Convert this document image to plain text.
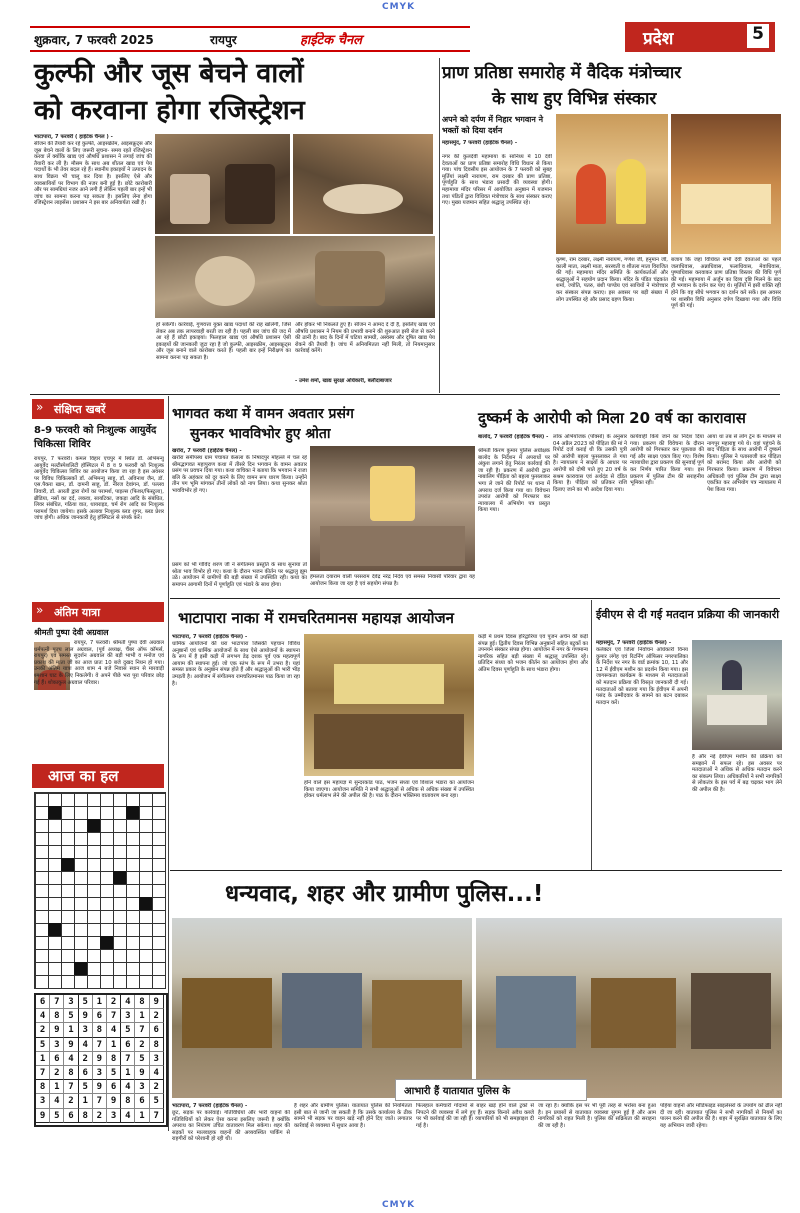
CMYK
शुक्रवार, 7 फरवरी 2025	रायपुर	हाईटेक चैनल	प्रदेश	5
कुल्फी और जूस बेचने वालों
को करवाना होगा रजिस्ट्रेशन
भाटापारा, 7 फरवरी ( हाईटेक चैनल ) -
सीजन की तैयारी कर रहे कुल्फी, आइसक्रीम, आइसफ्रूट्स और जूस बेचने वालों के लिए जरूरी सूचना- समय रहते रजिस्ट्रेशन करवा लें क्योंकि खाद्य एवं औषधि प्रशासन ने लगाई जांच की तैयारी कर ली है। मौसम के साथ अब शीतल खाद्य एवं पेय पदार्थों के भी तेवर बदल रहे हैं। स्थानीय इकाइयों ने उत्पादन के साथ विक्रय भी चालू कर दिया है। इसलिए ऐसे और व्यवसायियों पर विभाग की नजर बनी हुई है। छोटे कारोबारी और पर सामग्रियां नजर आने लगी हैं लेकिन पहली बार इन्हें भी जांच का सामना करना पड़ सकता है। इसलिए लेना होगा रजिस्ट्रेशन लाइसेंस। प्रशासन ने इस बार अनिवार्यता रखी है।
हो सकेगी। कार्रवाई, गुणवत्ता युक्त खाद्य पदार्थों की राह खोलेगी, जिसे लेकर अब तक लापरवाही बरती जा रही है। पहली बार जांच की जद में आ रहे हैं छोटी इकाइयां। फिलहाल खाद्य एवं औषधि प्रशासन ऐसी इकाइयों की जानकारी जुटा रहा है जो कुल्फी, आइसक्रीम, आइसफ्रूट्स और जूस बनाने वाले कारोबार करते हैं। पहली बार इन्हें निरीक्षण का सामना करना पड़ सकता है।
और हॉकर भी निकलते हुए हैं। सीजन ने आमद दे दी है, इसलिए खाद्य एवं औषधि प्रशासन ने नियम की प्रभावी बनाने की शुरुआत इसी सेज से करने की ठानी है। बाद के दिनों में घटिया सामग्री, अस्वस्थ और दूषित खाद्य पेय रोकने की तैयारी है। जांच में अनियमितता नहीं मिली, तो नियमानुसार कार्रवाई करेंगे।
- उमेश शर्मा, खाद्य सुरक्षा अधिकारी, बलौदाबाजार
प्राण प्रतिष्ठा समारोह में वैदिक मंत्रोच्चार
के साथ हुए विभिन्न संस्कार
अपने को दर्पण में निहार भगवान ने भक्तों को दिया दर्शन
महासमुंद, 7 फरवरी (हाईटेक चैनल) -
नगर की कुलदेवी महामाया के सानिध्य में 10 देवी देवताओं का प्राण प्रतिष्ठा समारोह विधि विधान से किया गया। पांच दिवसीय इस आयोजन के 7 फरवरी को सुबह मूर्तियां लक्ष्मी नारायण, राम दरबार की प्राण प्रतिष्ठा, पूर्णाहुति के साथ भंडारा प्रसादी की व्यवस्था होगी। महामाया मंदिर परिसर में आयोजित अनुष्ठान में यजमान तथा पंडितों द्वारा विधिवत मंत्रोच्चार के साथ संस्कार कराए गए। मुख्य यजमान सहित श्रद्धालु उपस्थित रहे।
कृष्ण, राम दरबार, लक्ष्मी नारायण, गणेश जी, हनुमान जी, काली माता, लक्ष्मी माता, सरस्वती व शीतला माता विराजित की गईं। महामाया मंदिर समिति के कार्यकर्ताओं और श्रद्धालुओं ने सहयोग प्रदान किया। मंदिर के पंडित चंद्रकांत शर्मा, ज्योति, पतरु, बंशी पाण्डेय एवं साथियों ने मंत्रोच्चार कर संस्कार संपन्न कराए। इस अवसर पर बड़ी संख्या में लोग उपस्थित रहे और प्रसाद ग्रहण किया।
बजाय कि जहां विधिवत सभी देवी देवताओं का पहले जलाधिवास, अन्नाधिवास, फलाधिवास, मेवाधिवास, पुष्पाधिवास करवाकर प्राण प्रतिष्ठा विस्तार की विधि पूर्ण की गई। महामाया में अर्जुन का दिव्य दृष्टि मिलने के बाद ही भगवान के दर्शन कर पाए थे। मूर्तियों में इसी शक्ति रही होने कि वह सीधे भगवान का दर्शन करे सकें। इस अवसर पर शास्त्रीय विधि अनुसार दर्पण दिखाया गया और विधि पूर्ण की गई।
» संक्षिप्त खबरें
8-9 फरवरी को निःशुल्क आयुर्वेद चिकित्सा शिविर
रायपुर, 7 फरवरी। कमल विहार एचपुर में स्थित डॉ. अभिमन्यु आयुर्वेद मल्टीस्पेशलिटी हॉस्पिटल में 8 व 9 फरवरी को निःशुल्क आयुर्वेद चिकित्सा शिविर का आयोजन किया जा रहा है इस अवसर पर विविध चिकित्सकों डॉ. अभिमन्यु साहू, डॉ. अविनाश जैन, डॉ. एस.पैकरा खान, डॉ. दामनी साहू, डॉ. नीरज देवांगन, डॉ. पल्लव तिवारी, डॉ. आरती द्वारा रोगों का परामर्श, पाइल्स (फिशर/फिस्टुला), ब्रीडिया, नसों का दर्द, लकवा, सायटिका, जकड़ा आदि के संबंधित, लिवर संबंधित, गठिया वात, थायराइड, चर्म रोग आदि का निःशुल्क परामर्श दिया जायेगा। इसके अलावा निःशुल्क ब्लड शुगर, ब्लड प्रेशर जांच होगी। अधिक जानकारी हेतु हॉस्पिटल से संपर्क करें।
» अंतिम यात्रा
श्रीमती पुष्पा देवी अग्रवाल
रायपुर, 7 फरवरी। श्रीमती पुष्पा देवी अग्रवाल धर्मपत्नी पूज्य लाल अग्रवाल, (पूर्व अध्यक्ष, चैंबर ऑफ कॉमर्स, रायपुर) एवं समस्त सुदर्शन अग्रवाल की बड़ी भाभी व मनोज एवं प्रकाश की माता जी का आज प्रातः 10 बजे दुखद निधन हो गया। उनकी अंतिम यात्रा आज शाम 4 बजे निवास स्थान से मारवाड़ी श्मशान घाट के लिए निकलेगी। वे अपने पीछे भरा पूरा परिवार छोड़ गई हैं। शोकाकुल अग्रवाल परिवार।
आज का हल
6 7 3 5 1 2 4 8 9
4 8 5 9 6 7 3 1 2
2 9 1 3 8 4 5 7 6
5 3 9 4 7 1 6 2 8
1 6 4 2 9 8 7 5 3
7 2 8 6 3 5 1 9 4
8 1 7 5 9 6 4 3 2
3 4 2 1 7 9 8 6 5
9 5 6 8 2 3 4 1 7
भागवत कथा में वामन अवतार प्रसंग
सुनकर भावविभोर हुए श्रोता
खरोरा, 7 फरवरी (हाईटेक चैनल) -
खरोरा समीपस्थ ग्राम पंचायत केसला के निषादपुर मोहल्ले में चल रहे श्रीमद्भागवत महापुराण कथा में तीसरे दिन भगवान के वामन अवतार प्रसंग पर प्रवचन दिया गया। कथा वाचिका ने बताया कि भगवान ने राजा बलि के अहंकार को दूर करने के लिए वामन रूप धारण किया। उन्होंने तीन पग भूमि मांगकर तीनों लोकों को नाप लिया। कथा सुनकर श्रोता भावविभोर हो गए।
प्रसंग को भी गोविंद शरण जी ने संगीतमय प्रस्तुति के साथ सुनाया तो श्रोता भाव विभोर हो गए। कथा के दौरान भजन कीर्तन पर श्रद्धालु झूम उठे। आयोजन में ग्रामीणों की बड़ी संख्या में उपस्थिति रही। कथा का समापन आगामी दिनों में पूर्णाहुति एवं भंडारे के साथ होगा।
हेमलता दयाराम वाली परसराम देवेंद्र नरेंद्र निदेव एवं समस्त निवासी परिवार द्वारा यह आयोजन किया जा रहा है एवं सहयोग संपन्न है।
दुष्कर्म के आरोपी को मिला 20 वर्ष का कारावास
बालोद, 7 फरवरी (हाईटेक चैनल) -
श्रीमती किरण कुमार पुलिस अधीक्षक बालोद के निर्देशन में अपराधों पर अंकुश लगाने हेतु निरंतर कार्रवाई की जा रही है। प्रकरण में आरोपी द्वारा नाबालिग पीड़िता को बहला फुसलाकर भगा ले जाने की रिपोर्ट पर थाना में अपराध दर्ज किया गया था। विवेचना उपरांत आरोपी को गिरफ्तार कर न्यायालय में अभियोग पत्र प्रस्तुत किया गया।
लोक अभियोजक (पॉक्सो) के अनुसार 04 अप्रैल 2023 को पीड़िता की मां ने रिपोर्ट दर्ज कराई थी कि उसकी पुत्री को आरोपी बहला फुसलाकर ले गया है। न्यायालय ने साक्ष्यों के आधार पर आरोपी को दोषी पाते हुए 20 वर्ष के सश्रम कारावास एवं अर्थदंड से दंडित किया है। पीड़िता को प्रतिकर राशि दिलाए जाने का भी आदेश दिया गया।
कार्यवाही किये जाने का निर्देश दिया गया। प्रकरण की विवेचना के दौरान आरोपी को गिरफ्तार कर पूछताछ की गई और साक्ष्य एकत्र किए गए। विशेष न्यायाधीश द्वारा प्रकरण की सुनवाई पूर्ण कर निर्णय पारित किया गया। इस प्रकरण में पुलिस टीम की सराहनीय भूमिका रही।
आया था तब से लोग ट्रेन के माध्यम से नागपुर महाराष्ट्र गये थे। वहां पहुंचने के बाद पीड़िता के साथ आरोपी ने दुष्कर्म किया। पुलिस ने पतासाजी कर पीड़िता को बरामद किया और आरोपी को गिरफ्तार किया। प्रकरण में विवेचना अधिकारी एवं पुलिस टीम द्वारा साक्ष्य एकत्रित कर अभियोग पत्र न्यायालय में पेश किया गया।
भाटापारा नाका में रामचरितमानस महायज्ञ आयोजन
भाटापारा, 7 फरवरी (हाईटेक चैनल) -
धार्मिक आयोजनों की धरा भाटापारा जिसकी पहचान विविध अनुष्ठानों एवं धार्मिक आयोजनों के साथ ऐसे आयोजनों के स्थापना के रूप में है इसी कड़ी में लगभग डेढ़ दशक पूर्व एक महत्वपूर्ण आयाम की स्थापना हुई। जो एक स्तंभ के रूप में उभरा है। यहां समस्त प्रकार के अनुष्ठान संपन्न होते हैं और श्रद्धालुओं की भारी भीड़ उमड़ती है। आयोजन में संगीतमय रामचरितमानस पाठ किया जा रहा है।
होने वाले इस महायज्ञ में सुन्दरकांड पाठ, भजन संध्या एवं विशाल भंडारा का आयोजन किया जाएगा। आयोजन समिति ने सभी श्रद्धालुओं से अधिक से अधिक संख्या में उपस्थित होकर धर्मलाभ लेने की अपील की है। पाठ के दौरान भक्तिमय वातावरण बना रहा।
कड़ी में प्रथम दिवस हरिद्वारिया एवं पूजन अर्चन की कड़ी संपन्न हुई। द्वितीय दिवस विभिन्न अनुष्ठानों सहित बटुकों का उपनयन संस्कार संपन्न होगा। आयोजन में नगर के गणमान्य नागरिक सहित बड़ी संख्या में श्रद्धालु उपस्थित रहे। प्रतिदिन संध्या को भजन कीर्तन का आयोजन होगा और अंतिम दिवस पूर्णाहुति के साथ भंडारा होगा।
ईवीएम से दी गई मतदान प्रक्रिया की जानकारी
महासमुंद, 7 फरवरी (हाईटेक चैनल) -
कलेक्टर एवं जिला निर्वाचन अधिकारी विनय कुमार लंगेह एवं रिटर्निंग ऑफिसर नगरपालिका के निर्देश पर नगर के वार्ड क्रमांक 10, 11 और 12 में ईवीएम मशीन का प्रदर्शन किया गया। इस जागरूकता कार्यक्रम के माध्यम से मतदाताओं को मतदान प्रक्रिया की विस्तृत जानकारी दी गई। मतदाताओं को बताया गया कि ईवीएम में अपनी पसंद के उम्मीदवार के सामने का बटन दबाकर मतदान करें।
है और नई ईवीएम मशीन की प्रक्रिया को समझाने में सफल रहे। इस अवसर पर मतदाताओं ने अधिक से अधिक मतदान करने का संकल्प लिया। अधिकारियों ने सभी नागरिकों से लोकतंत्र के इस पर्व में बढ़ चढ़कर भाग लेने की अपील की है।
धन्यवाद, शहर और ग्रामीण पुलिस...!
आभारी हैं यातायात पुलिस के
भाटापारा, 7 फरवरी (हाईटेक चैनल) -
छूट, सड़क पर कार्रवाई। गतिविधियों और भारी वाहनों की गतिविधियों को लेकर ऐसा करना इसलिए जरूरी है क्योंकि अपराध का नियंत्रण उचित वातावरण मिल सकेगा। शहर की सड़कों पर मालवाहक वाहनों की अव्यवस्थित पार्किंग से राहगीरों को परेशानी हो रही थी।
है शहर और ग्रामीण पुलिस। यातायात पुलिस की नियमितता इसी बात से जानी जा सकती है कि उसके कार्यालय के ठीक सामने भी सड़क पर वाहन खड़े नहीं होने दिए जाते। लगातार कार्रवाई से व्यवस्था में सुधार आया है।
फिलहाल कर्मचारी गोदामों से बाहर खड़े होने वाले ट्रकों से निपटने की व्यवस्था में लगे हुए हैं। सड़क किनारे अवैध कब्जे पर भी कार्रवाई की जा रही है। व्यापारियों को भी समझाइश दी गई है।
जा रहा है। क्योंकि इस पर भी पूरी तरह से भरोसा बना हुआ है। इन प्रयासों से यातायात व्यवस्था सुगम हुई है और आम नागरिकों को राहत मिली है। पुलिस की सक्रियता की सराहना की जा रही है।
पहिया वाहनों और मोडिफाइड साइलेंसरों के उपयोग को ढील नहीं दी जा रही। यातायात पुलिस ने सभी नागरिकों से नियमों का पालन करने की अपील की है। शहर में सुरक्षित यातायात के लिए यह अभियान जारी रहेगा।
CMYK
